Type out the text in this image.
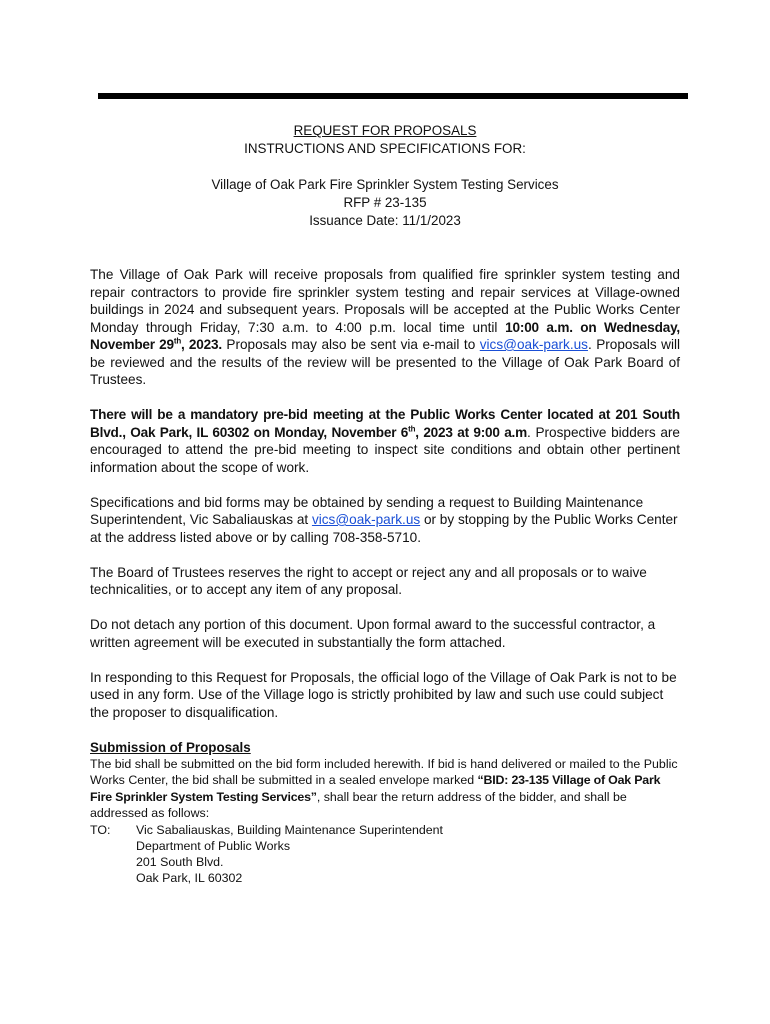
REQUEST FOR PROPOSALS
INSTRUCTIONS AND SPECIFICATIONS FOR:
Village of Oak Park Fire Sprinkler System Testing Services
RFP # 23-135
Issuance Date: 11/1/2023

The Village of Oak Park will receive proposals from qualified fire sprinkler system testing and repair contractors to provide fire sprinkler system testing and repair services at Village-owned buildings in 2024 and subsequent years. Proposals will be accepted at the Public Works Center Monday through Friday, 7:30 a.m. to 4:00 p.m. local time until 10:00 a.m. on Wednesday, November 29th, 2023. Proposals may also be sent via e-mail to vics@oak-park.us. Proposals will be reviewed and the results of the review will be presented to the Village of Oak Park Board of Trustees.

There will be a mandatory pre-bid meeting at the Public Works Center located at 201 South Blvd., Oak Park, IL 60302 on Monday, November 6th, 2023 at 9:00 a.m. Prospective bidders are encouraged to attend the pre-bid meeting to inspect site conditions and obtain other pertinent information about the scope of work.

Specifications and bid forms may be obtained by sending a request to Building Maintenance Superintendent, Vic Sabaliauskas at vics@oak-park.us or by stopping by the Public Works Center at the address listed above or by calling 708-358-5710.

The Board of Trustees reserves the right to accept or reject any and all proposals or to waive technicalities, or to accept any item of any proposal.

Do not detach any portion of this document. Upon formal award to the successful contractor, a written agreement will be executed in substantially the form attached.

In responding to this Request for Proposals, the official logo of the Village of Oak Park is not to be used in any form. Use of the Village logo is strictly prohibited by law and such use could subject the proposer to disqualification.

Submission of Proposals
The bid shall be submitted on the bid form included herewith. If bid is hand delivered or mailed to the Public Works Center, the bid shall be submitted in a sealed envelope marked “BID: 23-135 Village of Oak Park Fire Sprinkler System Testing Services”, shall bear the return address of the bidder, and shall be addressed as follows:
TO:	Vic Sabaliauskas, Building Maintenance Superintendent
Department of Public Works
201 South Blvd.
Oak Park, IL 60302
